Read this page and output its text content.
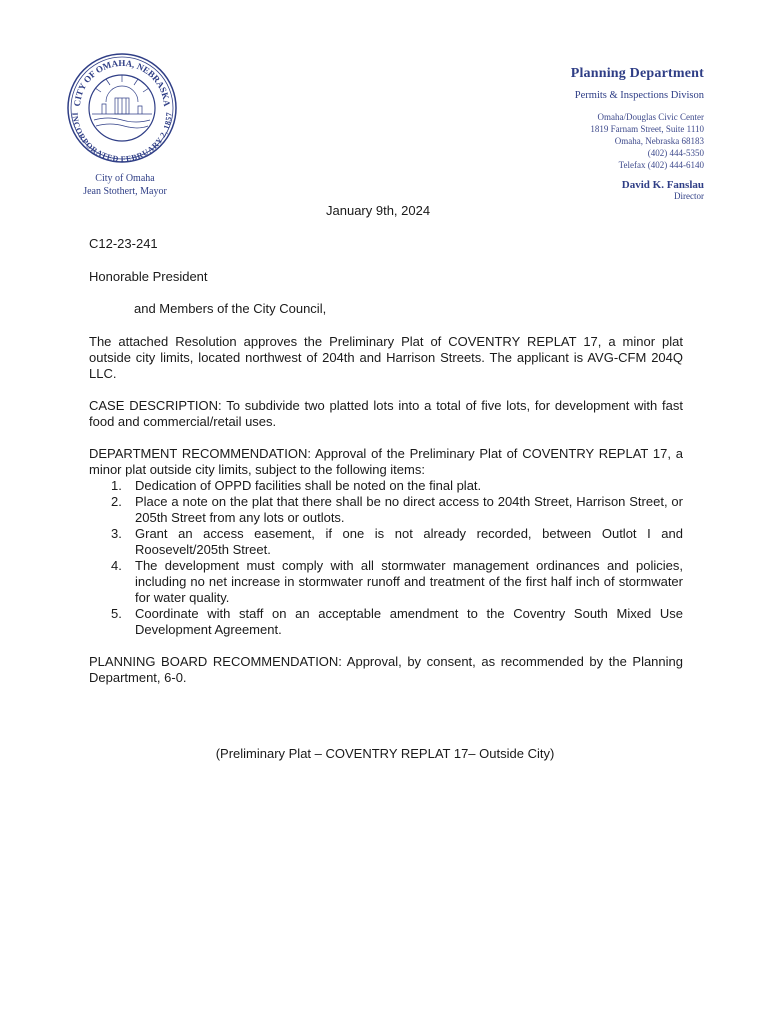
CITY OF OMAHA, NEBRASKA
INCORPORATED FEBRUARY 2, 1857
City of Omaha
Jean Stothert, Mayor
Planning Department
Permits & Inspections Divison
Omaha/Douglas Civic Center
1819 Farnam Street, Suite 1110
Omaha, Nebraska 68183
(402) 444-5350
Telefax (402) 444-6140
David K. Fanslau
Director
January 9th, 2024

C12-23-241

Honorable President

and Members of the City Council,

The attached Resolution approves the Preliminary Plat of COVENTRY REPLAT 17, a minor plat outside city limits, located northwest of 204th and Harrison Streets. The applicant is AVG-CFM 204Q LLC.

CASE DESCRIPTION: To subdivide two platted lots into a total of five lots, for development with fast food and commercial/retail uses.

DEPARTMENT RECOMMENDATION: Approval of the Preliminary Plat of COVENTRY REPLAT 17, a minor plat outside city limits, subject to the following items:

1. Dedication of OPPD facilities shall be noted on the final plat.
2. Place a note on the plat that there shall be no direct access to 204th Street, Harrison Street, or 205th Street from any lots or outlots.
3. Grant an access easement, if one is not already recorded, between Outlot I and Roosevelt/205th Street.
4. The development must comply with all stormwater management ordinances and policies, including no net increase in stormwater runoff and treatment of the first half inch of stormwater for water quality.
5. Coordinate with staff on an acceptable amendment to the Coventry South Mixed Use Development Agreement.

PLANNING BOARD RECOMMENDATION: Approval, by consent, as recommended by the Planning Department, 6-0.

(Preliminary Plat – COVENTRY REPLAT 17– Outside City)
